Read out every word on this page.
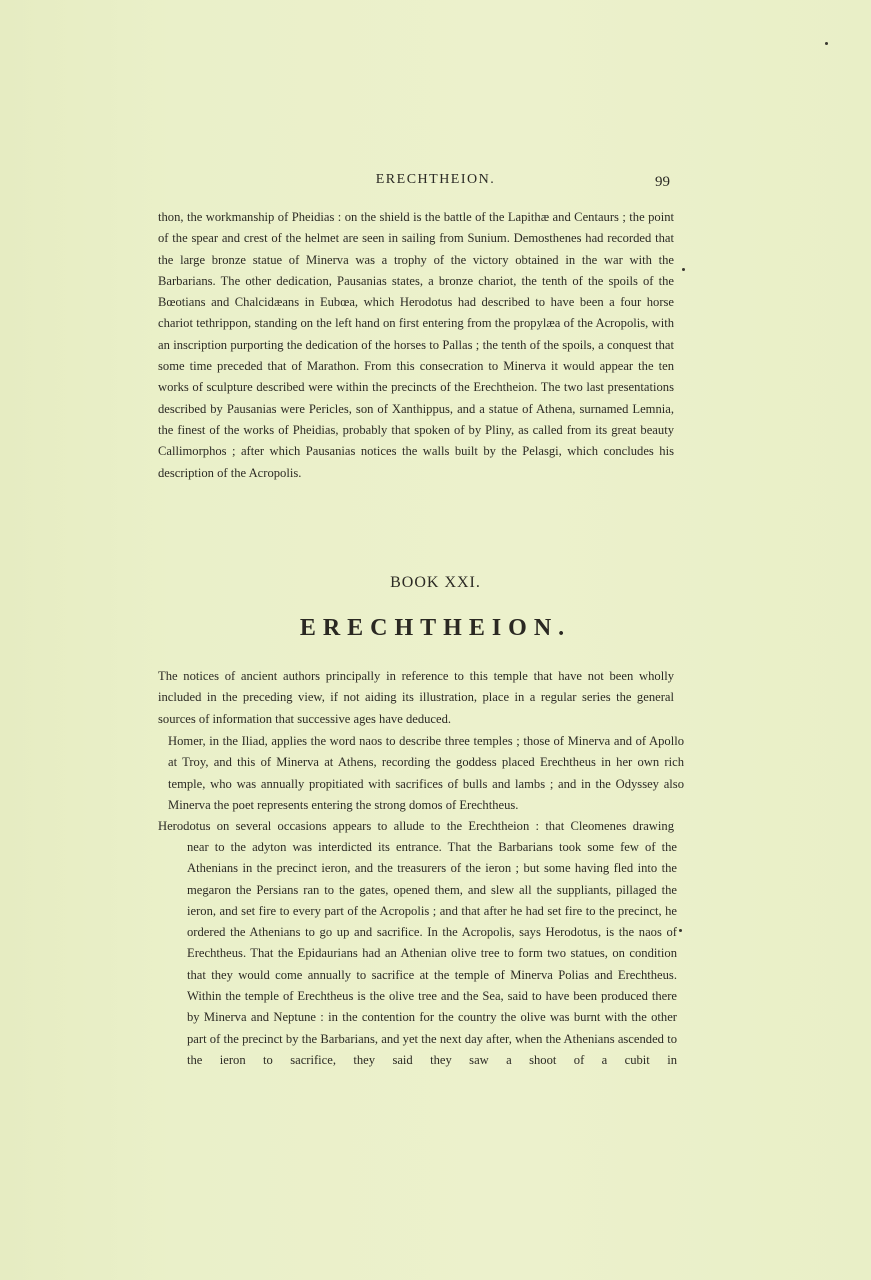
ERECHTHEION.	99

thon, the workmanship of Pheidias : on the shield is the battle of the Lapithæ and Centaurs ; the point of the spear and crest of the helmet are seen in sailing from Sunium. Demosthenes had recorded that the large bronze statue of Minerva was a trophy of the victory obtained in the war with the Barbarians. The other dedication, Pausanias states, a bronze chariot, the tenth of the spoils of the Bœotians and Chalcidæans in Eubœa, which Herodotus had described to have been a four horse chariot tethrippon, standing on the left hand on first entering from the propylæa of the Acropolis, with an inscription purporting the dedication of the horses to Pallas ; the tenth of the spoils, a conquest that some time preceded that of Marathon. From this consecration to Minerva it would appear the ten works of sculpture described were within the precincts of the Erechtheion. The two last presentations described by Pausanias were Pericles, son of Xanthippus, and a statue of Athena, surnamed Lemnia, the finest of the works of Pheidias, probably that spoken of by Pliny, as called from its great beauty Callimorphos ; after which Pausanias notices the walls built by the Pelasgi, which concludes his description of the Acropolis.

BOOK XXI.
ERECHTHEION.

The notices of ancient authors principally in reference to this temple that have not been wholly included in the preceding view, if not aiding its illustration, place in a regular series the general sources of information that successive ages have deduced.

Homer, in the Iliad, applies the word naos to describe three temples ; those of Minerva and of Apollo at Troy, and this of Minerva at Athens, recording the goddess placed Erechtheus in her own rich temple, who was annually propitiated with sacrifices of bulls and lambs ; and in the Odyssey also Minerva the poet represents entering the strong domos of Erechtheus.

Herodotus on several occasions appears to allude to the Erechtheion : that Cleomenes drawing

near to the adyton was interdicted its entrance. That the Barbarians took some few of the Athenians in the precinct ieron, and the treasurers of the ieron ; but some having fled into the megaron the Persians ran to the gates, opened them, and slew all the suppliants, pillaged the ieron, and set fire to every part of the Acropolis ; and that after he had set fire to the precinct, he ordered the Athenians to go up and sacrifice. In the Acropolis, says Herodotus, is the naos of Erechtheus. That the Epidaurians had an Athenian olive tree to form two statues, on condition that they would come annually to sacrifice at the temple of Minerva Polias and Erechtheus. Within the temple of Erechtheus is the olive tree and the Sea, said to have been produced there by Minerva and Neptune : in the contention for the country the olive was burnt with the other part of the precinct by the Barbarians, and yet the next day after, when the Athenians ascended to the ieron to sacrifice, they said they saw a shoot of a cubit in
